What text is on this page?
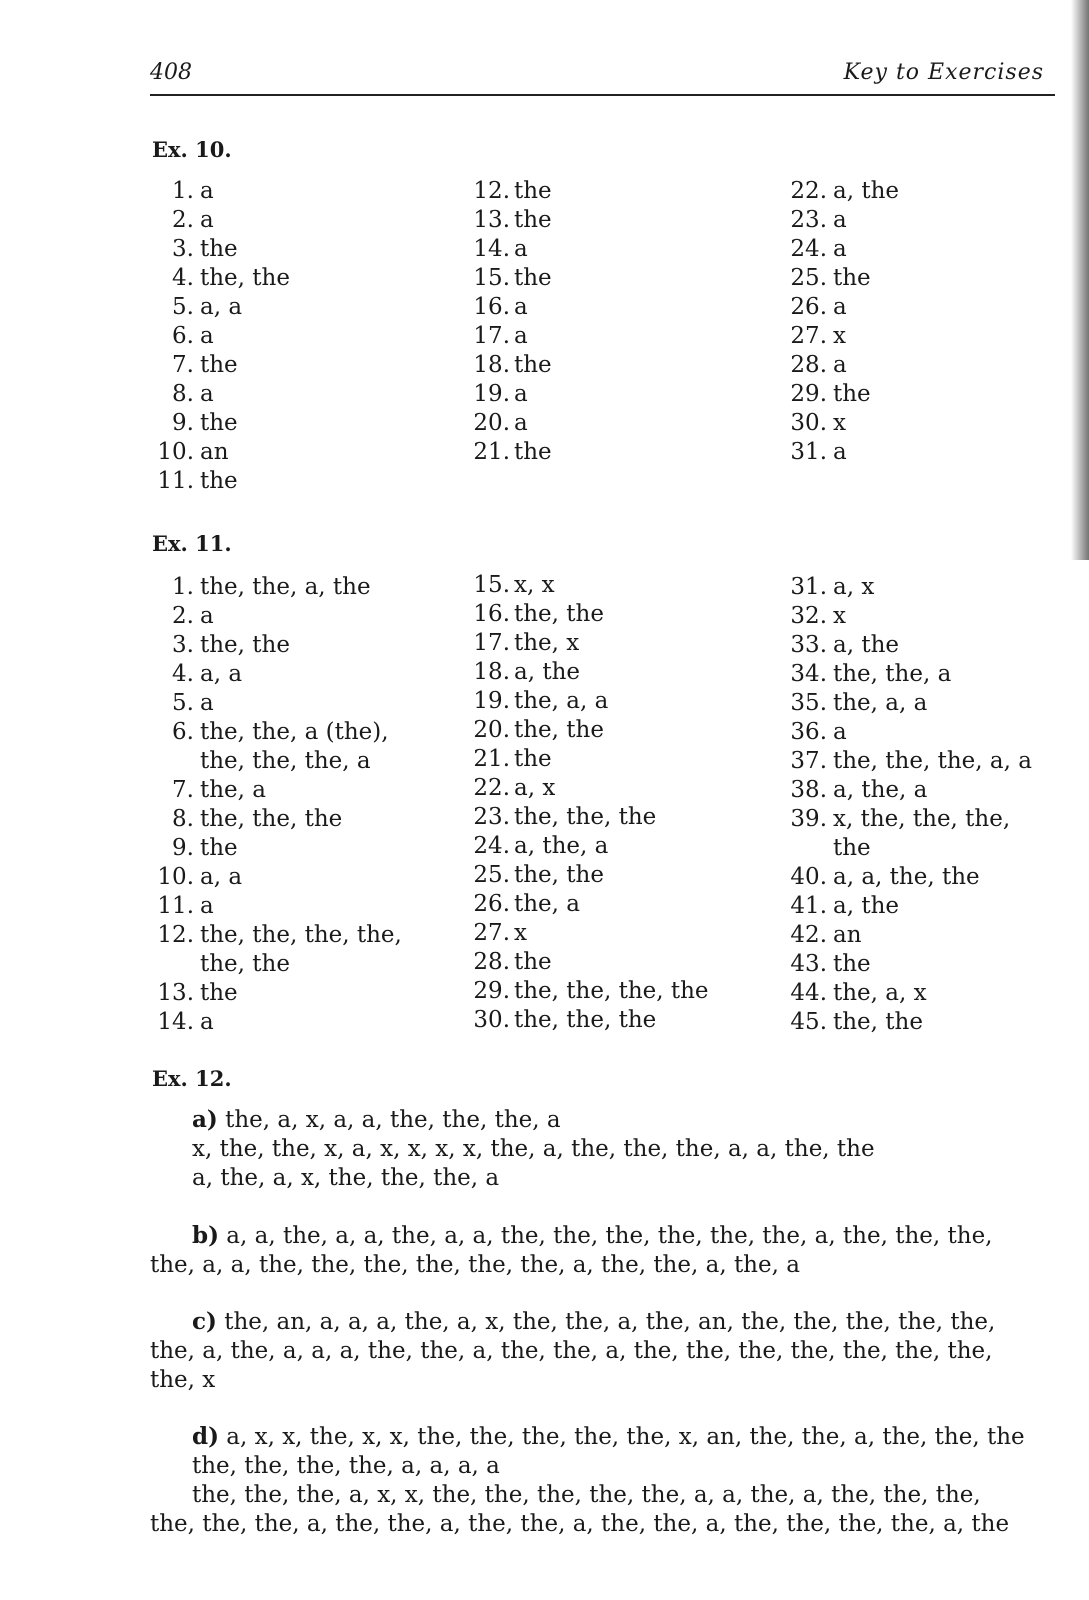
408	Key to Exercises
Ex. 10.
1. a
2. a
3. the
4. the, the
5. a, a
6. a
7. the
8. a
9. the
10. an
11. the
12. the
13. the
14. a
15. the
16. a
17. a
18. the
19. a
20. a
21. the
22. a, the
23. a
24. a
25. the
26. a
27. x
28. a
29. the
30. x
31. a
Ex. 11.
1. the, the, a, the
2. a
3. the, the
4. a, a
5. a
6. the, the, a (the),
the, the, the, a
7. the, a
8. the, the, the
9. the
10. a, a
11. a
12. the, the, the, the,
the, the
13. the
14. a
15. x, x
16. the, the
17. the, x
18. a, the
19. the, a, a
20. the, the
21. the
22. a, x
23. the, the, the
24. a, the, a
25. the, the
26. the, a
27. x
28. the
29. the, the, the, the
30. the, the, the
31. a, x
32. x
33. a, the
34. the, the, a
35. the, a, a
36. a
37. the, the, the, a, a
38. a, the, a
39. x, the, the, the,
the
40. a, a, the, the
41. a, the
42. an
43. the
44. the, a, x
45. the, the
Ex. 12.
a) the, a, x, a, a, the, the, the, a
x, the, the, x, a, x, x, x, x, the, a, the, the, the, a, a, the, the
a, the, a, x, the, the, the, a
b) a, a, the, a, a, the, a, a, the, the, the, the, the, the, a, the, the, the,
the, a, a, the, the, the, the, the, the, a, the, the, a, the, a
c) the, an, a, a, a, the, a, x, the, the, a, the, an, the, the, the, the, the,
the, a, the, a, a, a, the, the, a, the, the, a, the, the, the, the, the, the, the,
the, x
d) a, x, x, the, x, x, the, the, the, the, the, x, an, the, the, a, the, the, the
the, the, the, the, a, a, a, a
the, the, the, a, x, x, the, the, the, the, the, a, a, the, a, the, the, the,
the, the, the, a, the, the, a, the, the, a, the, the, a, the, the, the, the, a, the
